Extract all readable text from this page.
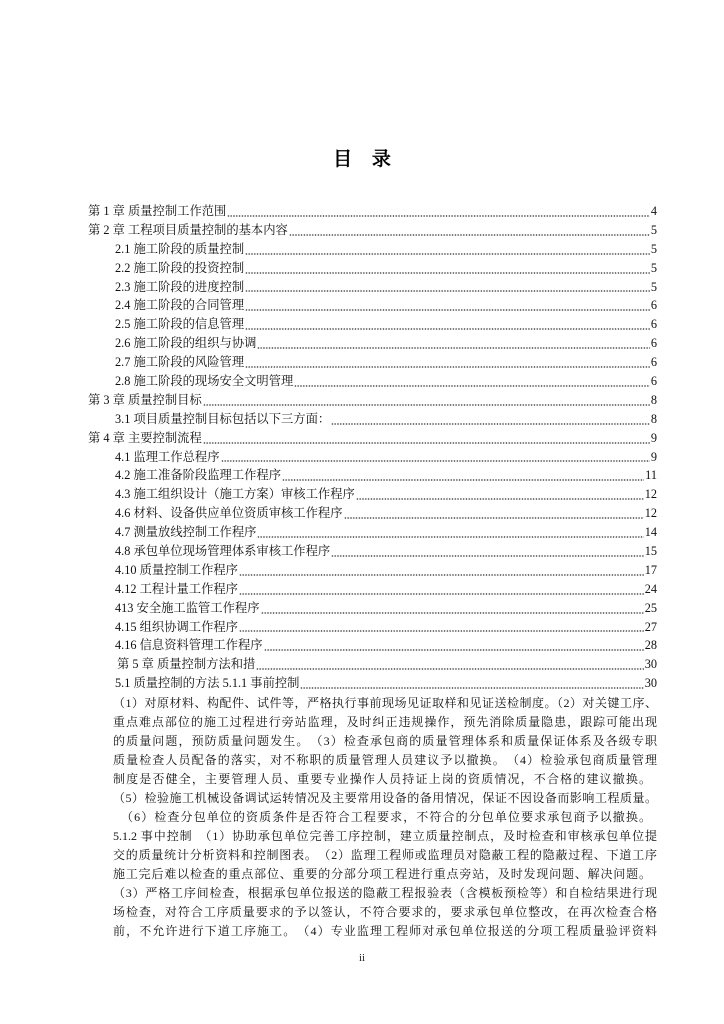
目 录
第 1 章 质量控制工作范围	4
第 2 章 工程项目质量控制的基本内容	5
2.1 施工阶段的质量控制	5
2.2 施工阶段的投资控制	5
2.3 施工阶段的进度控制	5
2.4 施工阶段的合同管理	6
2.5 施工阶段的信息管理	6
2.6 施工阶段的组织与协调	6
2.7 施工阶段的风险管理	6
2.8 施工阶段的现场安全文明管理	6
第 3 章 质量控制目标	8
3.1 项目质量控制目标包括以下三方面：	8
第 4 章 主要控制流程	9
4.1 监理工作总程序	9
4.2 施工准备阶段监理工作程序	11
4.3 施工组织设计（施工方案）审核工作程序	12
4.6 材料、设备供应单位资质审核工作程序	12
4.7 测量放线控制工作程序	14
4.8 承包单位现场管理体系审核工作程序	15
4.10 质量控制工作程序	17
4.12 工程计量工作程序	24
413 安全施工监管工作程序	25
4.15 组织协调工作程序	27
4.16 信息资料管理工作程序	28
第 5 章 质量控制方法和措	30
5.1 质量控制的方法 5.1.1 事前控制	30
（1）对原材料、构配件、试件等，严格执行事前现场见证取样和见证送检制度。（2）对关键工序、
重点难点部位的施工过程进行旁站监理，及时纠正违规操作，预先消除质量隐患，跟踪可能出现
的质量问题，预防质量问题发生。　（3）检查承包商的质量管理体系和质量保证体系及各级专职
质量检查人员配备的落实，对不称职的质量管理人员建议予以撤换。　（4）检验承包商质量管理
制度是否健全，主要管理人员、重要专业操作人员持证上岗的资质情况，不合格的建议撤换。
（5）检验施工机械设备调试运转情况及主要常用设备的备用情况，保证不因设备而影响工程质量。
（6）检查分包单位的资质条件是否符合工程要求，不符合的分包单位要求承包商予以撤换。
5.1.2 事中控制　（1）协助承包单位完善工序控制，建立质量控制点，及时检查和审核承包单位提
交的质量统计分析资料和控制图表。　（2）监理工程师或监理员对隐蔽工程的隐蔽过程、下道工序
施工完后难以检查的重点部位、重要的分部分项工程进行重点旁站，及时发现问题、解决问题。
（3）严格工序间检查，根据承包单位报送的隐蔽工程报验表（含模板预检等）和自检结果进行现
场检查，对符合工序质量要求的予以签认，不符合要求的，要求承包单位整改，在再次检查合格
前，不允许进行下道工序施工。　（4）专业监理工程师对承包单位报送的分项工程质量验评资料
ii
